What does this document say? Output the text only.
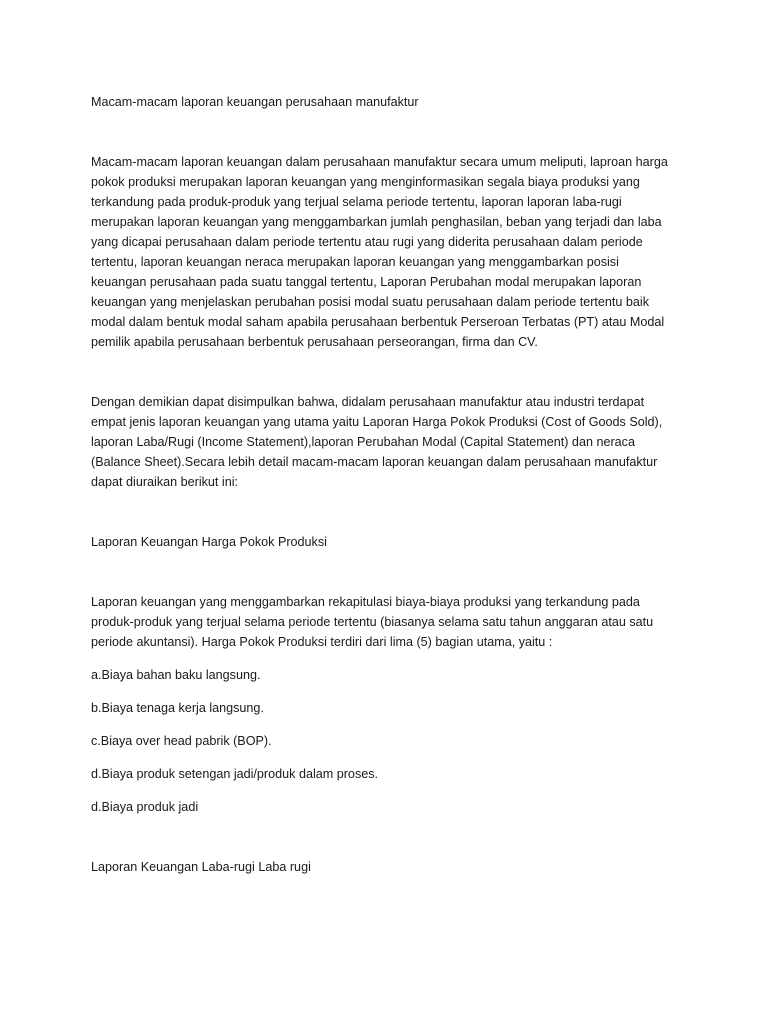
Macam-macam laporan keuangan perusahaan manufaktur

Macam-macam laporan keuangan dalam perusahaan manufaktur secara umum meliputi, laproan harga pokok produksi merupakan laporan keuangan yang menginformasikan segala biaya produksi yang terkandung pada produk-produk yang terjual selama periode tertentu, laporan laporan laba-rugi merupakan laporan keuangan yang menggambarkan jumlah penghasilan, beban yang terjadi dan laba yang dicapai perusahaan dalam periode tertentu atau rugi yang diderita perusahaan dalam periode tertentu, laporan keuangan neraca merupakan laporan keuangan yang menggambarkan posisi keuangan perusahaan pada suatu tanggal tertentu, Laporan Perubahan modal merupakan laporan keuangan yang menjelaskan perubahan posisi modal suatu perusahaan dalam periode tertentu baik modal dalam bentuk modal saham apabila perusahaan berbentuk Perseroan Terbatas (PT) atau Modal pemilik apabila perusahaan berbentuk perusahaan perseorangan, firma dan CV.

Dengan demikian dapat disimpulkan bahwa, didalam perusahaan manufaktur atau industri terdapat empat jenis laporan keuangan yang utama yaitu Laporan Harga Pokok Produksi (Cost of Goods Sold), laporan Laba/Rugi (Income Statement),laporan Perubahan Modal (Capital Statement) dan neraca (Balance Sheet).Secara lebih detail macam-macam laporan keuangan dalam perusahaan manufaktur dapat diuraikan berikut ini:

Laporan Keuangan Harga Pokok Produksi

Laporan keuangan yang menggambarkan rekapitulasi biaya-biaya produksi yang terkandung pada produk-produk yang terjual selama periode tertentu (biasanya selama satu tahun anggaran atau satu periode akuntansi). Harga Pokok Produksi terdiri dari lima (5) bagian utama, yaitu :

a.Biaya bahan baku langsung.

b.Biaya tenaga kerja langsung.

c.Biaya over head pabrik (BOP).

d.Biaya produk setengan jadi/produk dalam proses.

d.Biaya produk jadi

Laporan Keuangan Laba-rugi Laba rugi
